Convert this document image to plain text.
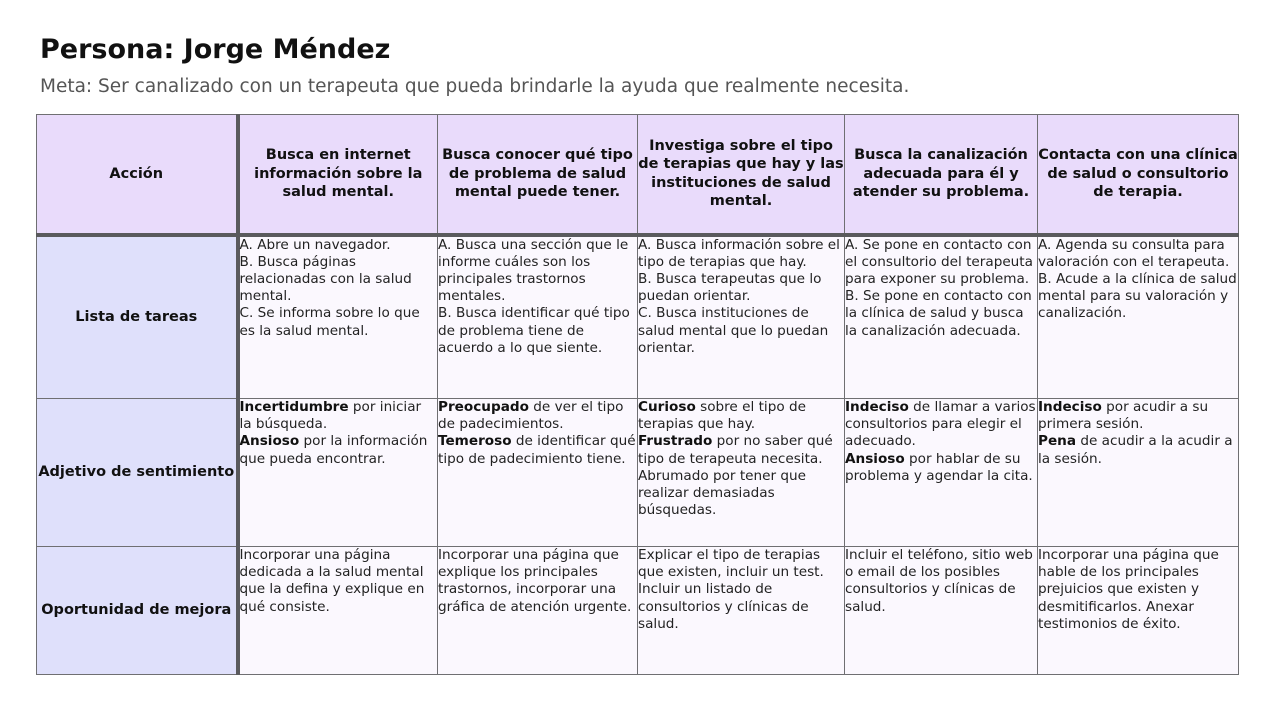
Persona: Jorge Méndez

Meta: Ser canalizado con un terapeuta que pueda brindarle la ayuda que realmente necesita.

Acción	Busca en internet información sobre la salud mental.	Busca conocer qué tipo de problema de salud mental puede tener.	Investiga sobre el tipo de terapias que hay y las instituciones de salud mental.	Busca la canalización adecuada para él y atender su problema.	Contacta con una clínica de salud o consultorio de terapia.
Lista de tareas	A. Abre un navegador.
B. Busca páginas relacionadas con la salud mental.
C. Se informa sobre lo que es la salud mental.	A. Busca una sección que le informe cuáles son los principales trastornos mentales.
B. Busca identificar qué tipo de problema tiene de acuerdo a lo que siente.	A. Busca información sobre el tipo de terapias que hay.
B. Busca terapeutas que lo puedan orientar.
C. Busca instituciones de salud mental que lo puedan orientar.	A. Se pone en contacto con el consultorio del terapeuta para exponer su problema.
B. Se pone en contacto con la clínica de salud y busca la canalización adecuada.	A. Agenda su consulta para valoración con el terapeuta.
B. Acude a la clínica de salud mental para su valoración y canalización.

Adjetivo de sentimiento	Incertidumbre por iniciar la búsqueda.
Ansioso por la información que pueda encontrar.	Preocupado de ver el tipo de padecimientos.
Temeroso de identificar qué tipo de padecimiento tiene.	Curioso sobre el tipo de terapias que hay.
Frustrado por no saber qué tipo de terapeuta necesita. Abrumado por tener que realizar demasiadas búsquedas.	Indeciso de llamar a varios consultorios para elegir el adecuado.
Ansioso por hablar de su problema y agendar la cita.	Indeciso por acudir a su primera sesión.
Pena de acudir a la acudir a la sesión.
Oportunidad de mejora	Incorporar una página dedicada a la salud mental que la defina y explique en qué consiste.	Incorporar una página que explique los principales trastornos, incorporar una gráfica de atención urgente.	Explicar el tipo de terapias que existen, incluir un test. Incluir un listado de consultorios y clínicas de salud.	Incluir el teléfono, sitio web o email de los posibles consultorios y clínicas de salud.	Incorporar una página que hable de los principales prejuicios que existen y desmitificarlos. Anexar testimonios de éxito.
